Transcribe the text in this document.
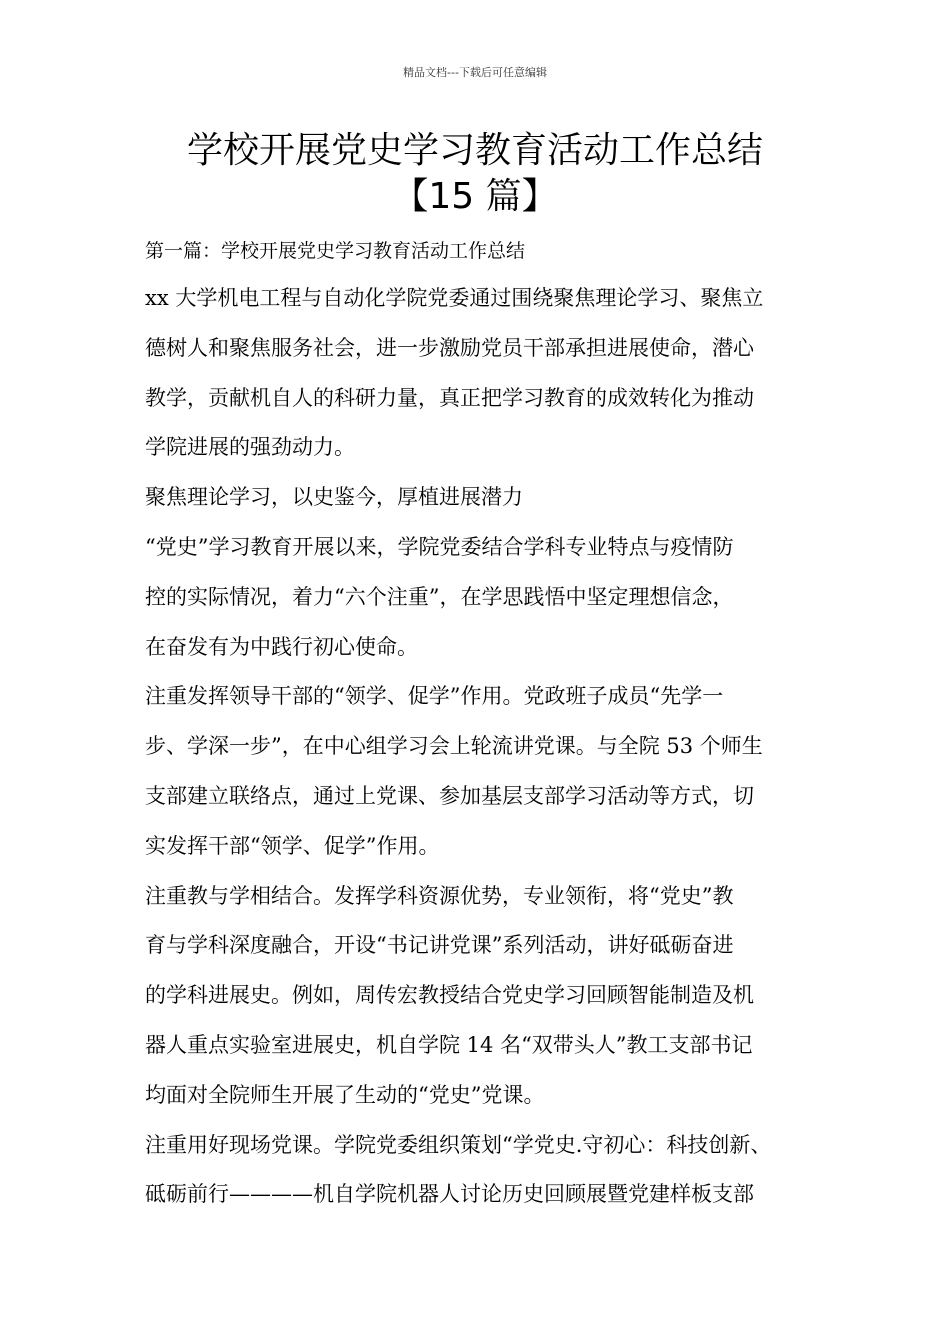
精品文档---下载后可任意编辑
学校开展党史学习教育活动工作总结
【15 篇】

第一篇：学校开展党史学习教育活动工作总结

xx 大学机电工程与自动化学院党委通过围绕聚焦理论学习、聚焦立

德树人和聚焦服务社会，进一步激励党员干部承担进展使命，潜心

教学，贡献机自人的科研力量，真正把学习教育的成效转化为推动

学院进展的强劲动力。

聚焦理论学习，以史鉴今，厚植进展潜力

“党史”学习教育开展以来，学院党委结合学科专业特点与疫情防

控的实际情况，着力“六个注重”，在学思践悟中坚定理想信念，

在奋发有为中践行初心使命。

注重发挥领导干部的“领学、促学”作用。党政班子成员“先学一

步、学深一步”，在中心组学习会上轮流讲党课。与全院 53 个师生

支部建立联络点，通过上党课、参加基层支部学习活动等方式，切

实发挥干部“领学、促学”作用。

注重教与学相结合。发挥学科资源优势，专业领衔，将“党史”教

育与学科深度融合，开设“书记讲党课”系列活动，讲好砥砺奋进

的学科进展史。例如，周传宏教授结合党史学习回顾智能制造及机

器人重点实验室进展史，机自学院 14 名“双带头人”教工支部书记

均面对全院师生开展了生动的“党史”党课。

注重用好现场党课。学院党委组织策划“学党史.守初心：科技创新、

砥砺前行————机自学院机器人讨论历史回顾展暨党建样板支部
